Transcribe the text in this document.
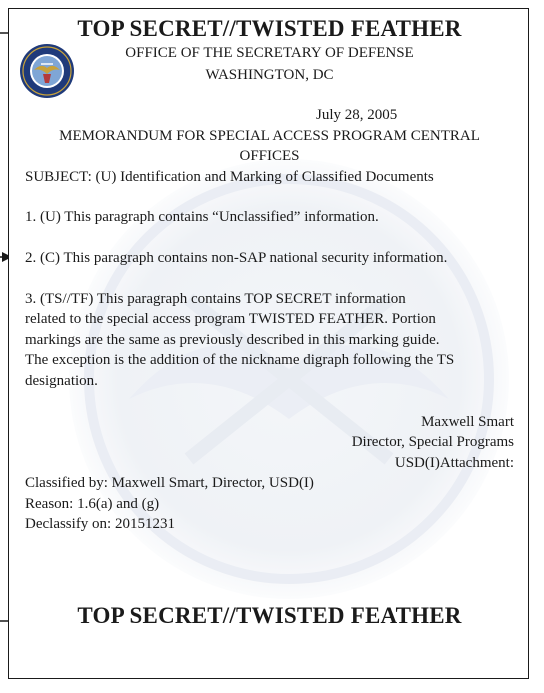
TOP SECRET//TWISTED FEATHER
OFFICE OF THE SECRETARY OF DEFENSE
WASHINGTON, DC
July 28, 2005
MEMORANDUM FOR SPECIAL ACCESS PROGRAM CENTRAL
OFFICES
SUBJECT: (U) Identification and Marking of Classified Documents
1. (U) This paragraph contains “Unclassified” information.
2. (C) This paragraph contains non-SAP national security information.
3. (TS//TF) This paragraph contains TOP SECRET information
related to the special access program TWISTED FEATHER. Portion
markings are the same as previously described in this marking guide.
The exception is the addition of the nickname digraph following the TS
designation.
Maxwell Smart
Director, Special Programs
USD(I)Attachment:
Classified by: Maxwell Smart, Director, USD(I)
Reason: 1.6(a) and (g)
Declassify on: 20151231
TOP SECRET//TWISTED FEATHER
